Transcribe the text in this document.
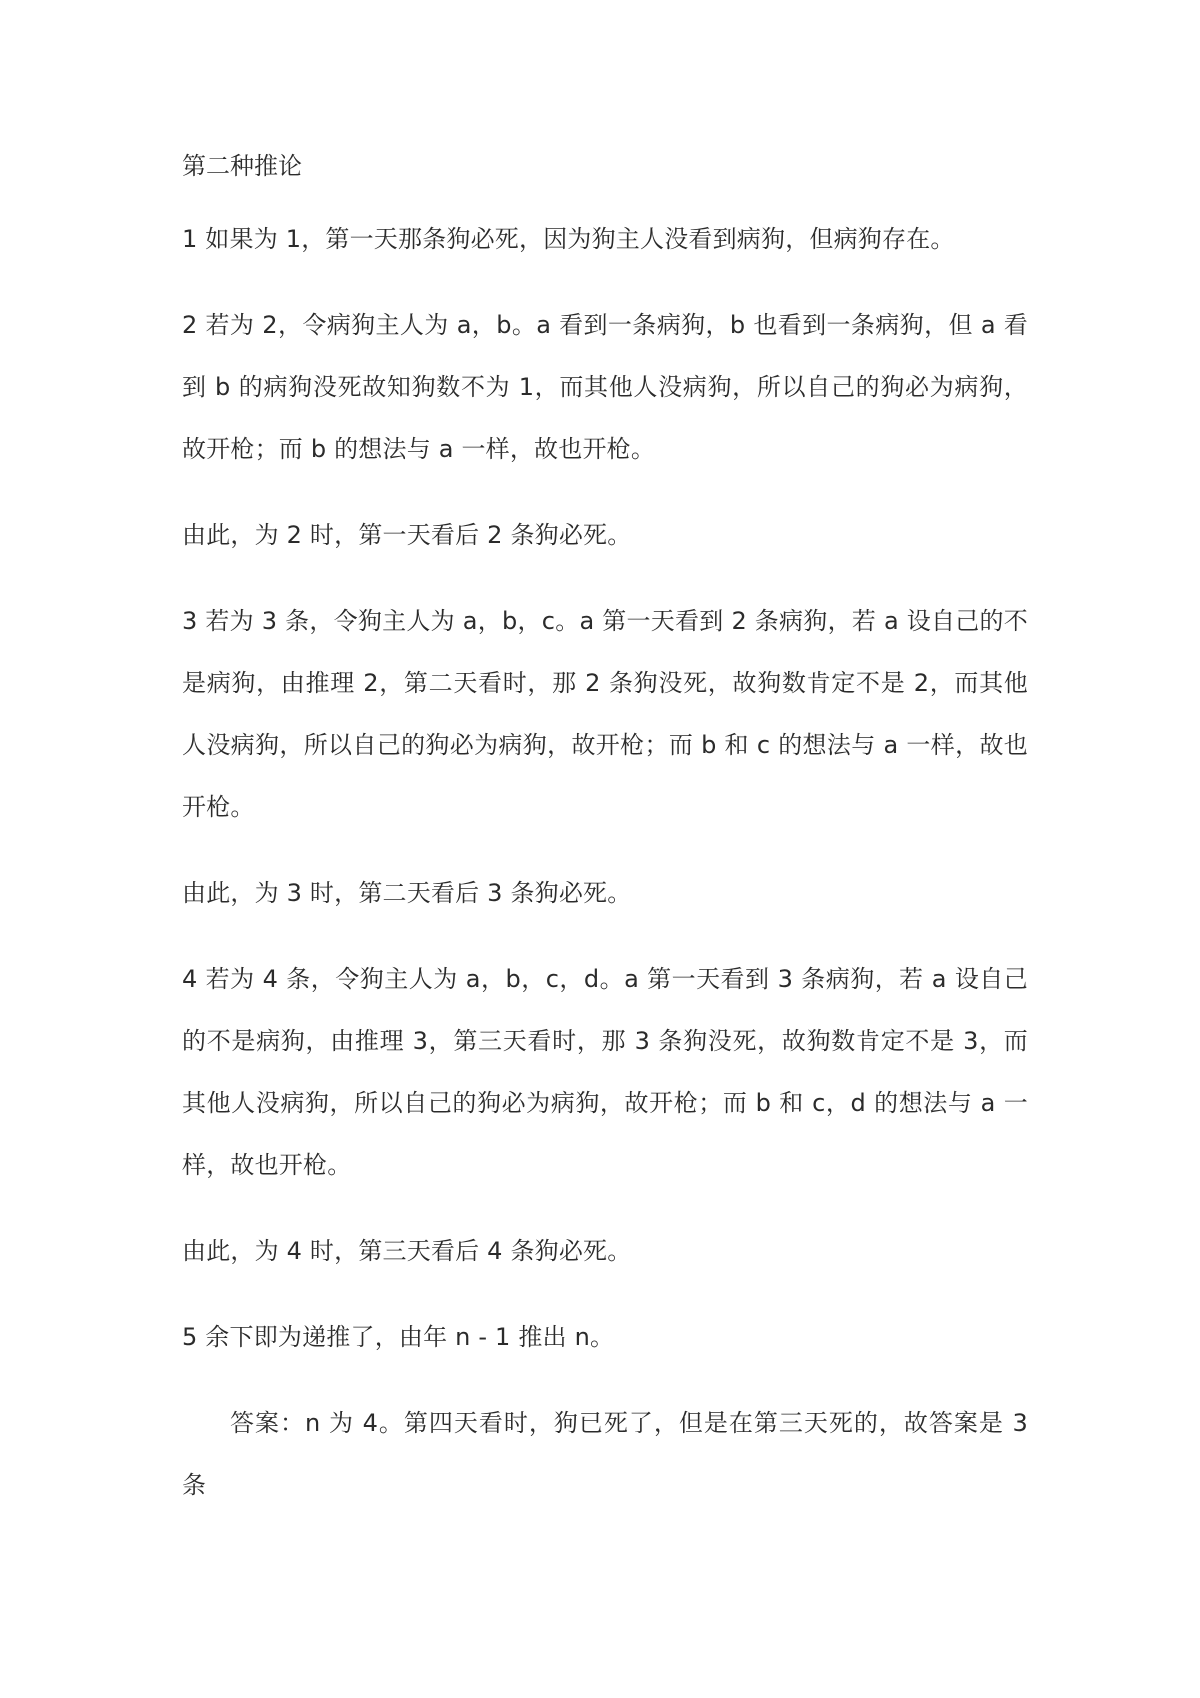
第二种推论

1 如果为 1，第一天那条狗必死，因为狗主人没看到病狗，但病狗存在。

2 若为 2，令病狗主人为 a，b。a 看到一条病狗，b 也看到一条病狗，但 a 看到 b 的病狗没死故知狗数不为 1，而其他人没病狗，所以自己的狗必为病狗，故开枪；而 b 的想法与 a 一样，故也开枪。

由此，为 2 时，第一天看后 2 条狗必死。

3 若为 3 条，令狗主人为 a，b，c。a 第一天看到 2 条病狗，若 a 设自己的不是病狗，由推理 2，第二天看时，那 2 条狗没死，故狗数肯定不是 2，而其他人没病狗，所以自己的狗必为病狗，故开枪；而 b 和 c 的想法与 a 一样，故也开枪。

由此，为 3 时，第二天看后 3 条狗必死。

4 若为 4 条，令狗主人为 a，b，c，d。a 第一天看到 3 条病狗，若 a 设自己的不是病狗，由推理 3，第三天看时，那 3 条狗没死，故狗数肯定不是 3，而其他人没病狗，所以自己的狗必为病狗，故开枪；而 b 和 c，d 的想法与 a 一样，故也开枪。

由此，为 4 时，第三天看后 4 条狗必死。

5 余下即为递推了，由年 n - 1 推出 n。

答案：n 为 4。第四天看时，狗已死了，但是在第三天死的，故答案是 3 条
